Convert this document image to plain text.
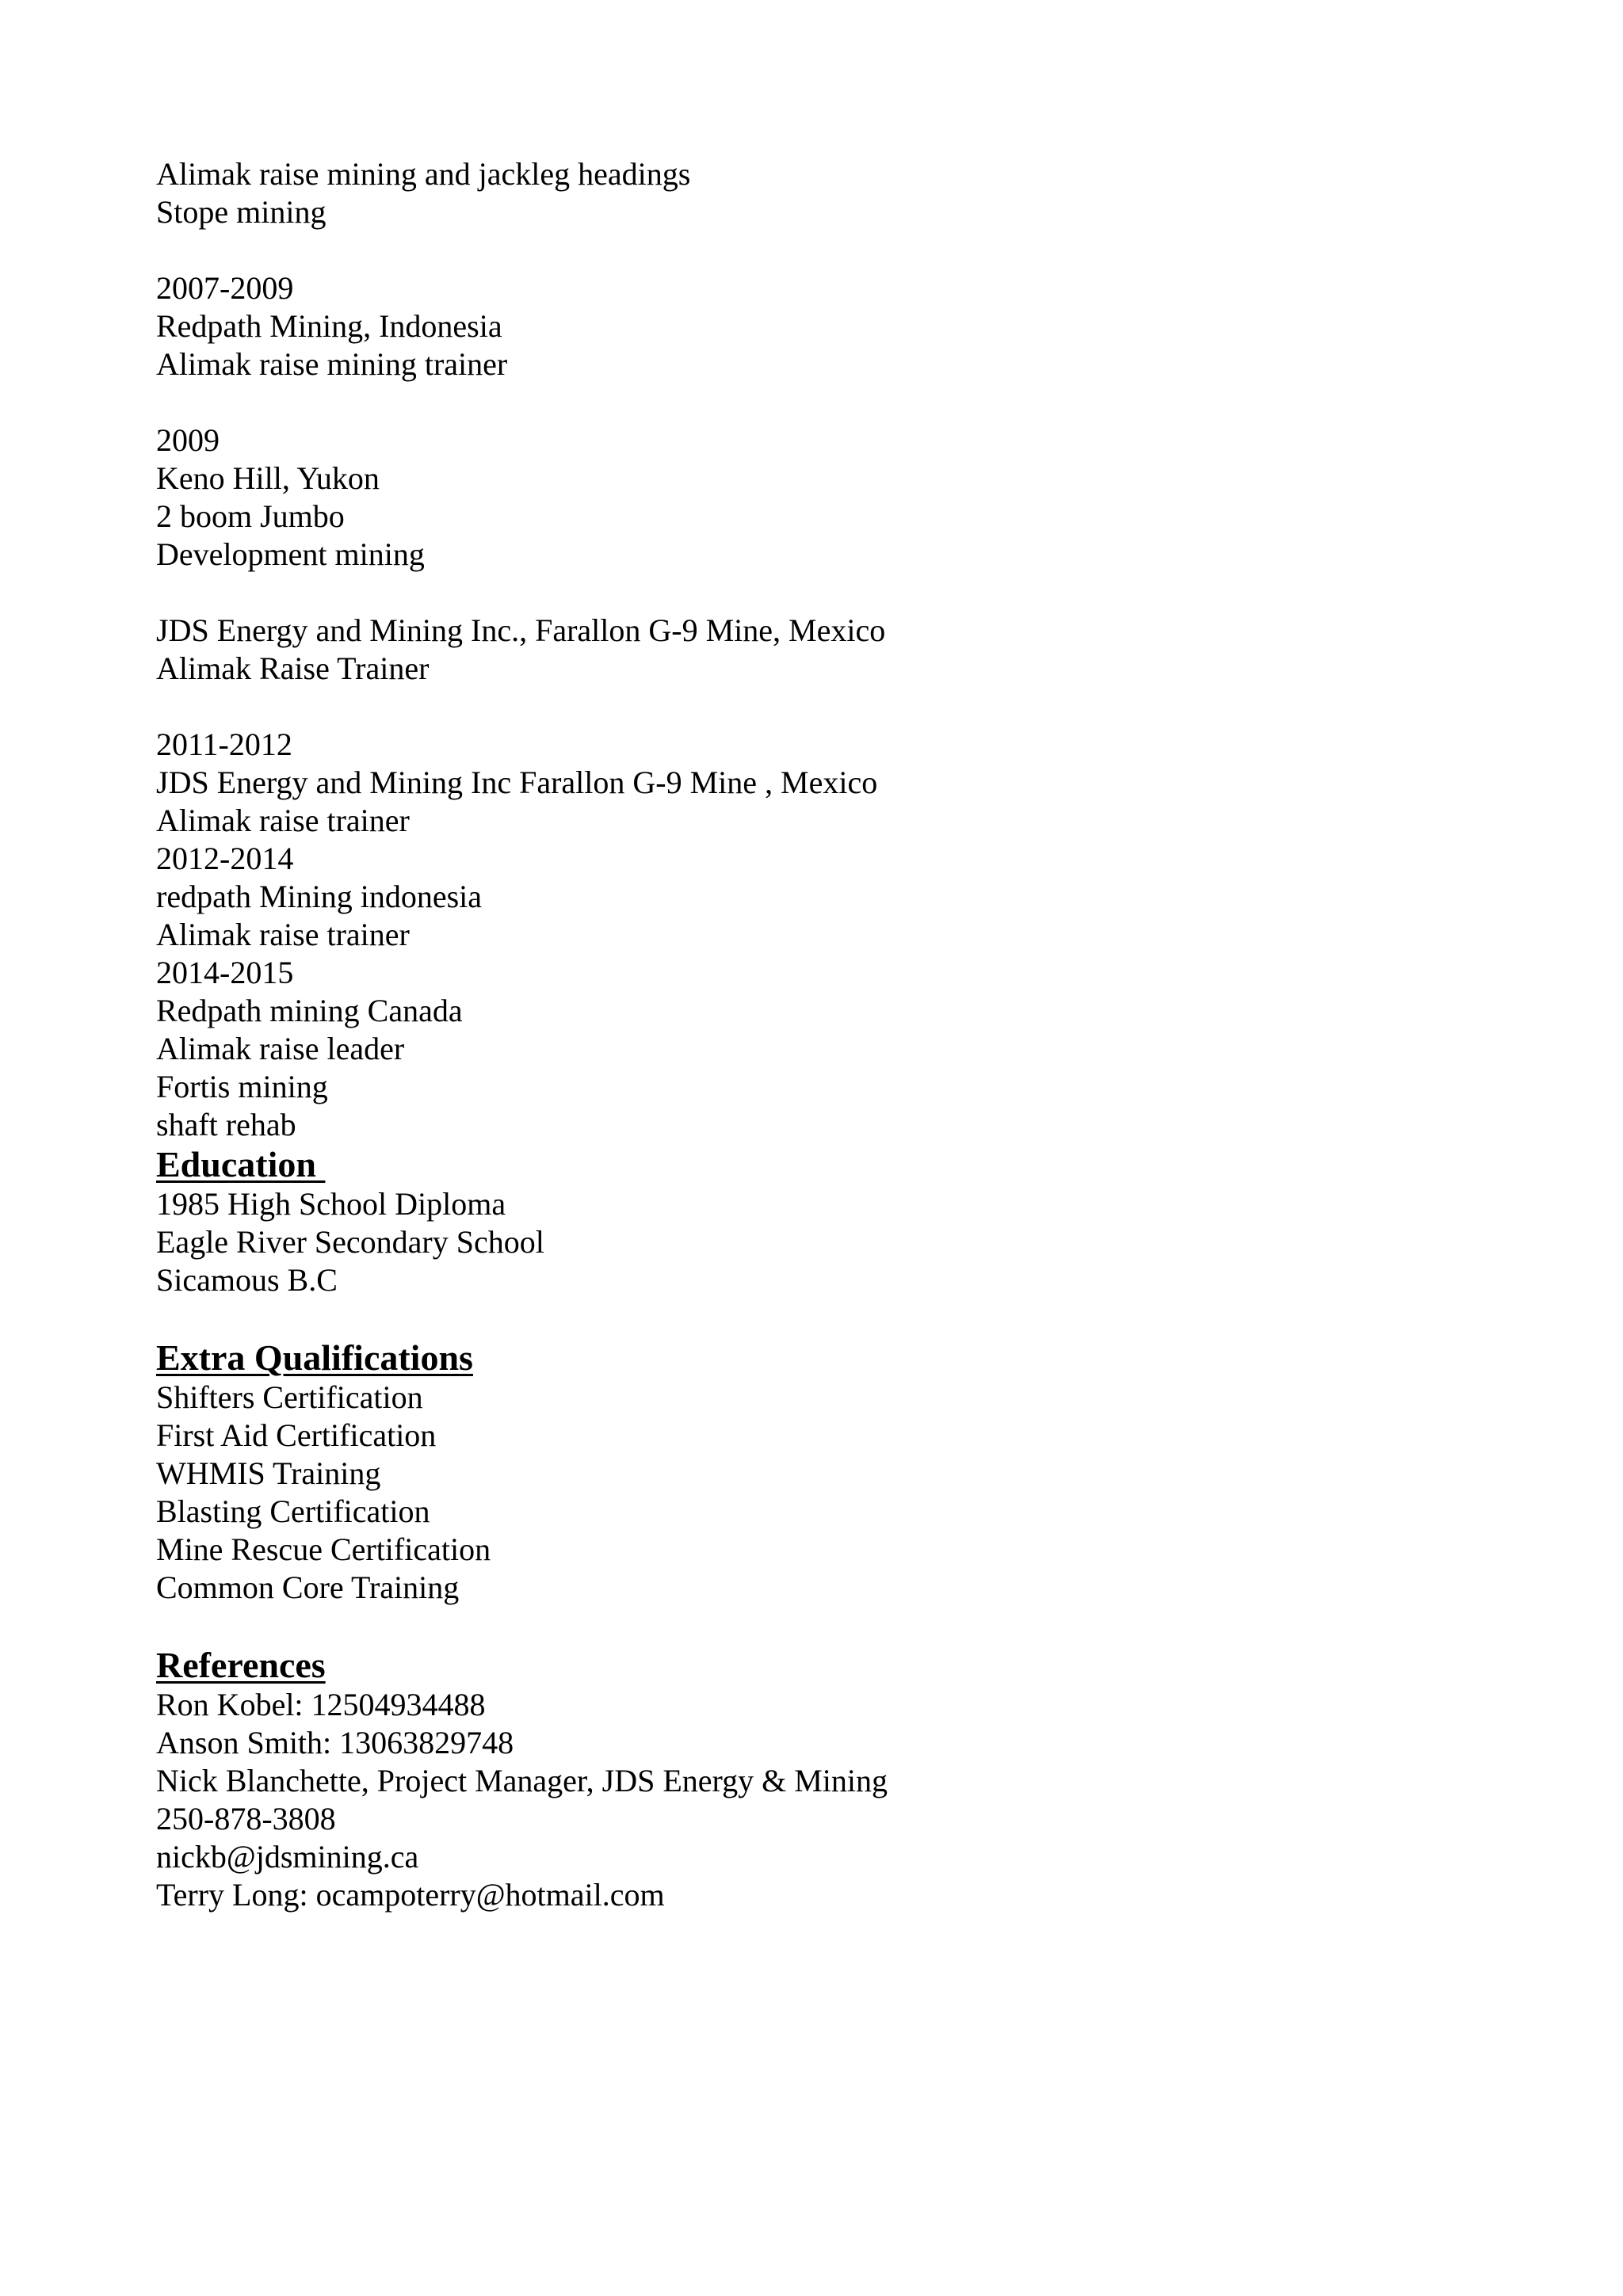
Alimak raise mining and jackleg headings
Stope mining
2007-2009
Redpath Mining, Indonesia
Alimak raise mining trainer
2009
Keno Hill, Yukon
2 boom Jumbo
Development mining
JDS Energy and Mining Inc., Farallon G-9 Mine, Mexico
Alimak Raise Trainer
2011-2012
JDS Energy and Mining Inc Farallon G-9 Mine , Mexico
Alimak raise trainer
2012-2014
redpath Mining indonesia
Alimak raise trainer
2014-2015
Redpath mining Canada
Alimak raise leader
Fortis mining
shaft rehab
Education
1985 High School Diploma
Eagle River Secondary School
Sicamous B.C
Extra Qualifications
Shifters Certification
First Aid Certification
WHMIS Training
Blasting Certification
Mine Rescue Certification
Common Core Training
References
Ron Kobel: 12504934488
Anson Smith: 13063829748
Nick Blanchette, Project Manager, JDS Energy & Mining
250-878-3808
nickb@jdsmining.ca
Terry Long: ocampoterry@hotmail.com
